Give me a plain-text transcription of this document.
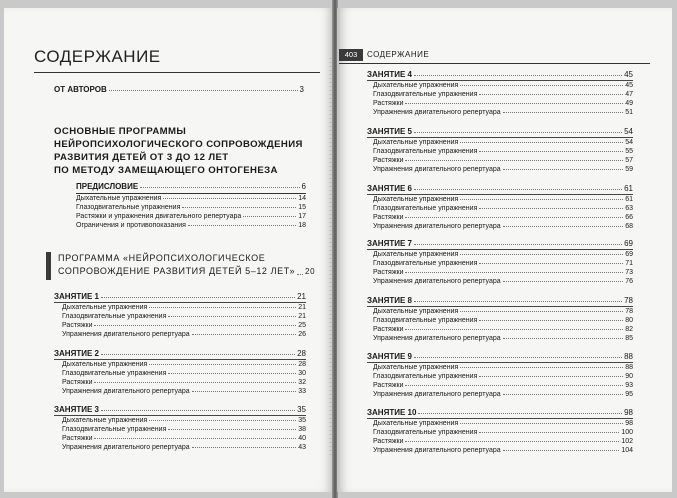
СОДЕРЖАНИЕ
ОТ АВТОРОВ	3
ОСНОВНЫЕ ПРОГРАММЫ
НЕЙРОПСИХОЛОГИЧЕСКОГО СОПРОВОЖДЕНИЯ
РАЗВИТИЯ ДЕТЕЙ ОТ 3 ДО 12 ЛЕТ
ПО МЕТОДУ ЗАМЕЩАЮЩЕГО ОНТОГЕНЕЗА
ПРЕДИСЛОВИЕ	6
Дыхательные упражнения	14
Глазодвигательные упражнения	15
Растяжки и упражнения двигательного репертуара	17
Ограничения и противопоказания	18
ПРОГРАММА «НЕЙРОПСИХОЛОГИЧЕСКОЕ
СОПРОВОЖДЕНИЕ РАЗВИТИЯ ДЕТЕЙ 5–12 ЛЕТ» 20
ЗАНЯТИЕ 1	21
Дыхательные упражнения	21
Глазодвигательные упражнения	21
Растяжки	25
Упражнения двигательного репертуара	26
ЗАНЯТИЕ 2	28
Дыхательные упражнения	28
Глазодвигательные упражнения	30
Растяжки	32
Упражнения двигательного репертуара	33
ЗАНЯТИЕ 3	35
Дыхательные упражнения	35
Глазодвигательные упражнения	38
Растяжки	40
Упражнения двигательного репертуара	43
403	СОДЕРЖАНИЕ
ЗАНЯТИЕ 4	45
Дыхательные упражнения	45
Глазодвигательные упражнения	47
Растяжки	49
Упражнения двигательного репертуара	51
ЗАНЯТИЕ 5	54
Дыхательные упражнения	54
Глазодвигательные упражнения	55
Растяжки	57
Упражнения двигательного репертуара	59
ЗАНЯТИЕ 6	61
Дыхательные упражнения	61
Глазодвигательные упражнения	63
Растяжки	66
Упражнения двигательного репертуара	68
ЗАНЯТИЕ 7	69
Дыхательные упражнения	69
Глазодвигательные упражнения	71
Растяжки	73
Упражнения двигательного репертуара	76
ЗАНЯТИЕ 8	78
Дыхательные упражнения	78
Глазодвигательные упражнения	80
Растяжки	82
Упражнения двигательного репертуара	85
ЗАНЯТИЕ 9	88
Дыхательные упражнения	88
Глазодвигательные упражнения	90
Растяжки	93
Упражнения двигательного репертуара	95
ЗАНЯТИЕ 10	98
Дыхательные упражнения	98
Глазодвигательные упражнения	100
Растяжки	102
Упражнения двигательного репертуара	104
